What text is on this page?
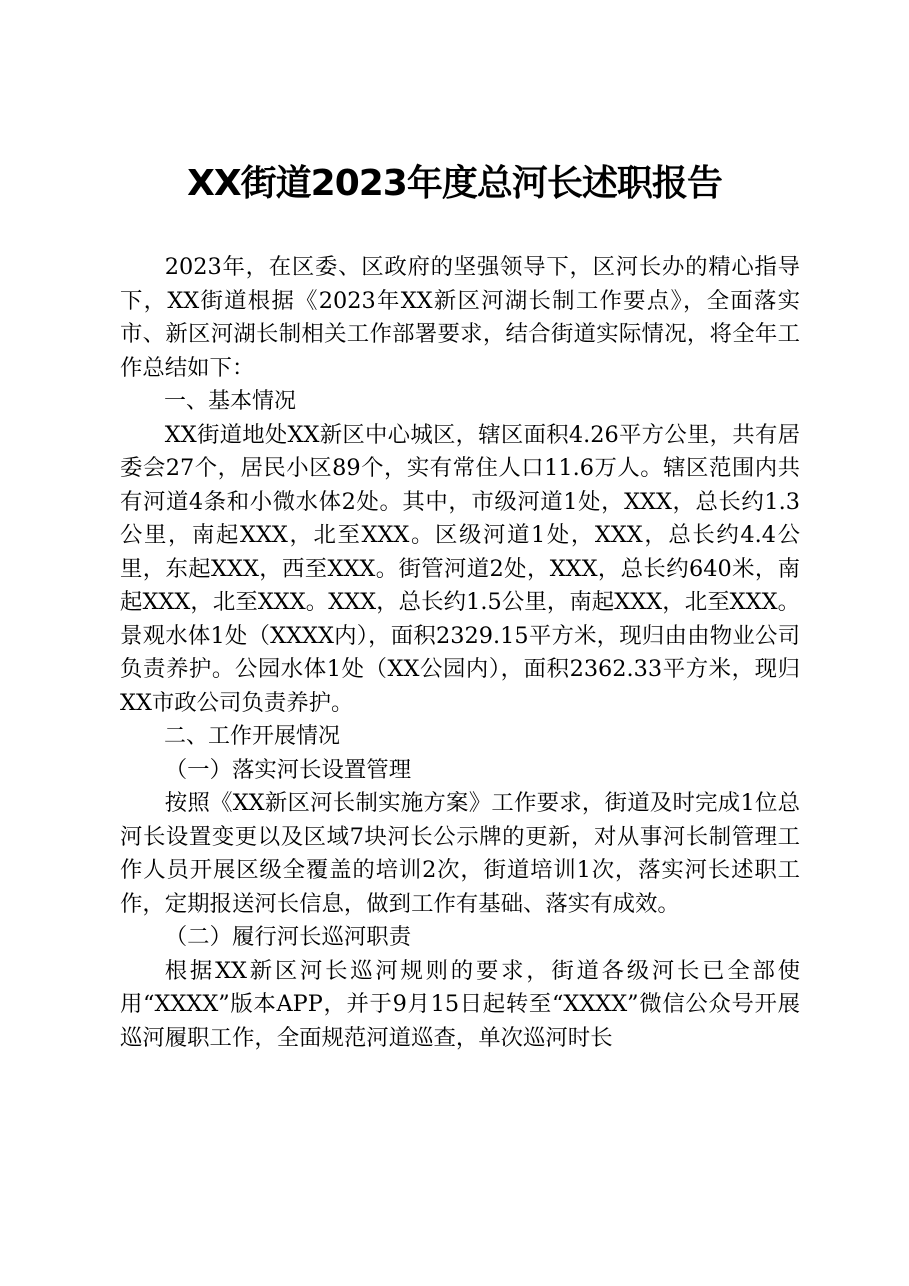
XX街道2023年度总河长述职报告

2023年，在区委、区政府的坚强领导下，区河长办的精心指导下，XX街道根据《2023年XX新区河湖长制工作要点》，全面落实市、新区河湖长制相关工作部署要求，结合街道实际情况，将全年工作总结如下：

一、基本情况

XX街道地处XX新区中心城区，辖区面积4.26平方公里，共有居委会27个，居民小区89个，实有常住人口11.6万人。辖区范围内共有河道4条和小微水体2处。其中，市级河道1处，XXX，总长约1.3公里，南起XXX，北至XXX。区级河道1处，XXX，总长约4.4公里，东起XXX，西至XXX。街管河道2处，XXX，总长约640米，南起XXX，北至XXX。XXX，总长约1.5公里，南起XXX，北至XXX。景观水体1处（XXXX内），面积2329.15平方米，现归由由物业公司负责养护。公园水体1处（XX公园内），面积2362.33平方米，现归XX市政公司负责养护。

二、工作开展情况

（一）落实河长设置管理

按照《XX新区河长制实施方案》工作要求，街道及时完成1位总河长设置变更以及区域7块河长公示牌的更新，对从事河长制管理工作人员开展区级全覆盖的培训2次，街道培训1次，落实河长述职工作，定期报送河长信息，做到工作有基础、落实有成效。

（二）履行河长巡河职责

根据XX新区河长巡河规则的要求，街道各级河长已全部使用“XXXX”版本APP，并于9月15日起转至“XXXX”微信公众号开展巡河履职工作，全面规范河道巡查，单次巡河时长
